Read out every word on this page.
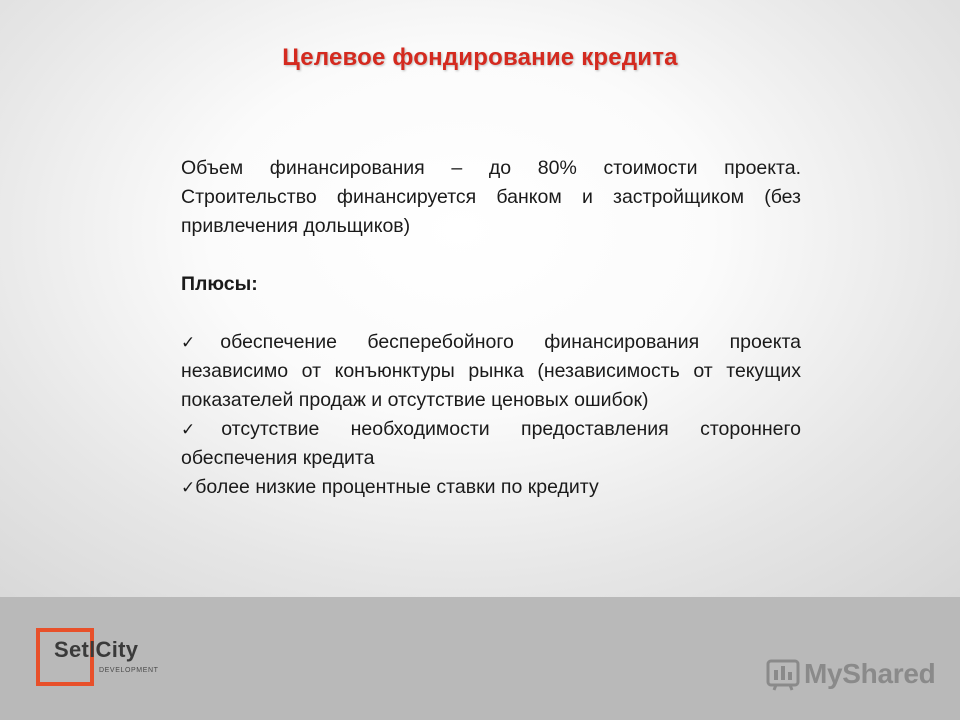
Целевое фондирование кредита

Объем финансирования – до 80% стоимости проекта. Строительство финансируется банком и застройщиком (без привлечения дольщиков)

Плюсы:
✓обеспечение бесперебойного финансирования проекта независимо от конъюнктуры рынка (независимость от текущих показателей продаж и отсутствие ценовых ошибок)
✓отсутствие необходимости предоставления стороннего обеспечения кредита
✓более низкие процентные ставки по кредиту
SetlCity
DEVELOPMENT	MyShared
